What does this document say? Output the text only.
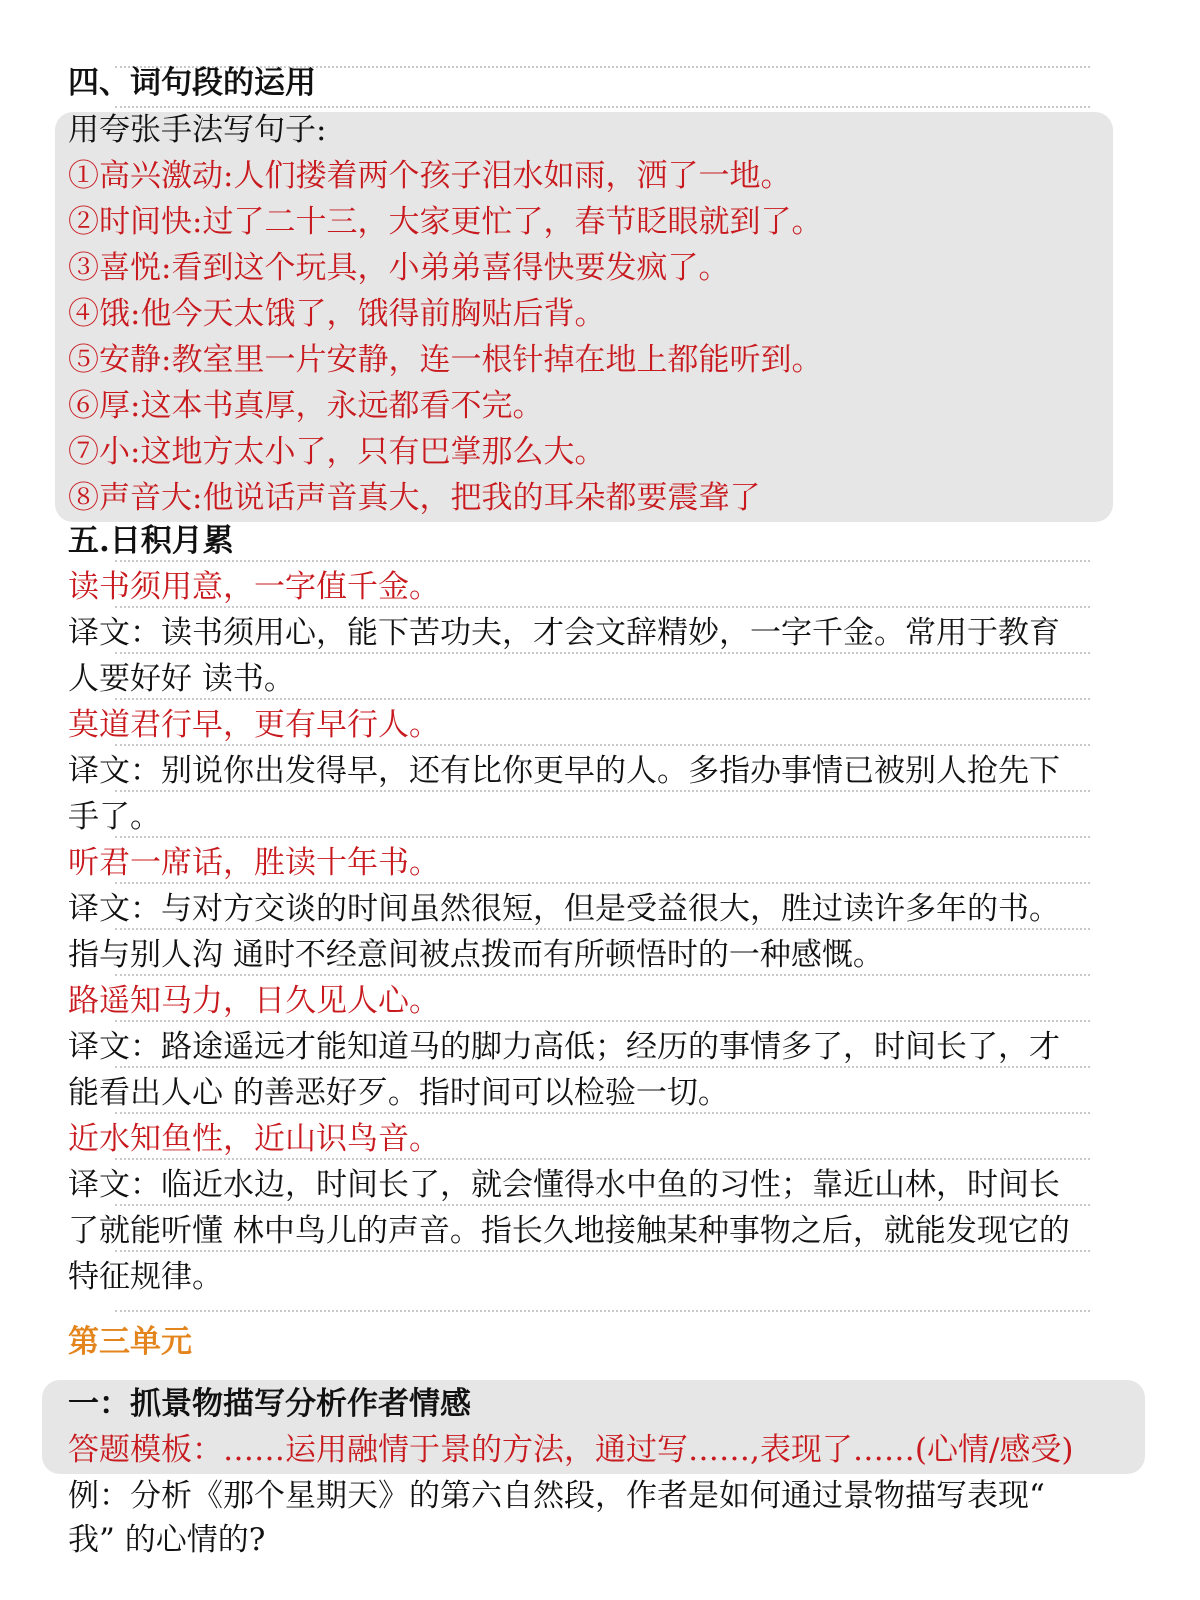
四、词句段的运用
用夸张手法写句子:
①高兴激动:人们搂着两个孩子泪水如雨，洒了一地。
②时间快:过了二十三，大家更忙了，春节眨眼就到了。
③喜悦:看到这个玩具，小弟弟喜得快要发疯了。
④饿:他今天太饿了，饿得前胸贴后背。
⑤安静:教室里一片安静，连一根针掉在地上都能听到。
⑥厚:这本书真厚，永远都看不完。
⑦小:这地方太小了，只有巴掌那么大。
⑧声音大:他说话声音真大，把我的耳朵都要震聋了
五.日积月累
读书须用意，一字值千金。
译文：读书须用心，能下苦功夫，才会文辞精妙，一字千金。常用于教育
人要好好 读书。
莫道君行早，更有早行人。
译文：别说你出发得早，还有比你更早的人。多指办事情已被别人抢先下
手了。
听君一席话，胜读十年书。
译文：与对方交谈的时间虽然很短，但是受益很大，胜过读许多年的书。
指与别人沟 通时不经意间被点拨而有所顿悟时的一种感慨。
路遥知马力，日久见人心。
译文：路途遥远才能知道马的脚力高低；经历的事情多了，时间长了，才
能看出人心 的善恶好歹。指时间可以检验一切。
近水知鱼性，近山识鸟音。
译文：临近水边，时间长了，就会懂得水中鱼的习性；靠近山林，时间长
了就能听懂 林中鸟儿的声音。指长久地接触某种事物之后，就能发现它的
特征规律。
第三单元
一：抓景物描写分析作者情感
答题模板：……运用融情于景的方法，通过写……,表现了……(心情/感受)
例：分析《那个星期天》的第六自然段，作者是如何通过景物描写表现“
我” 的心情的?
